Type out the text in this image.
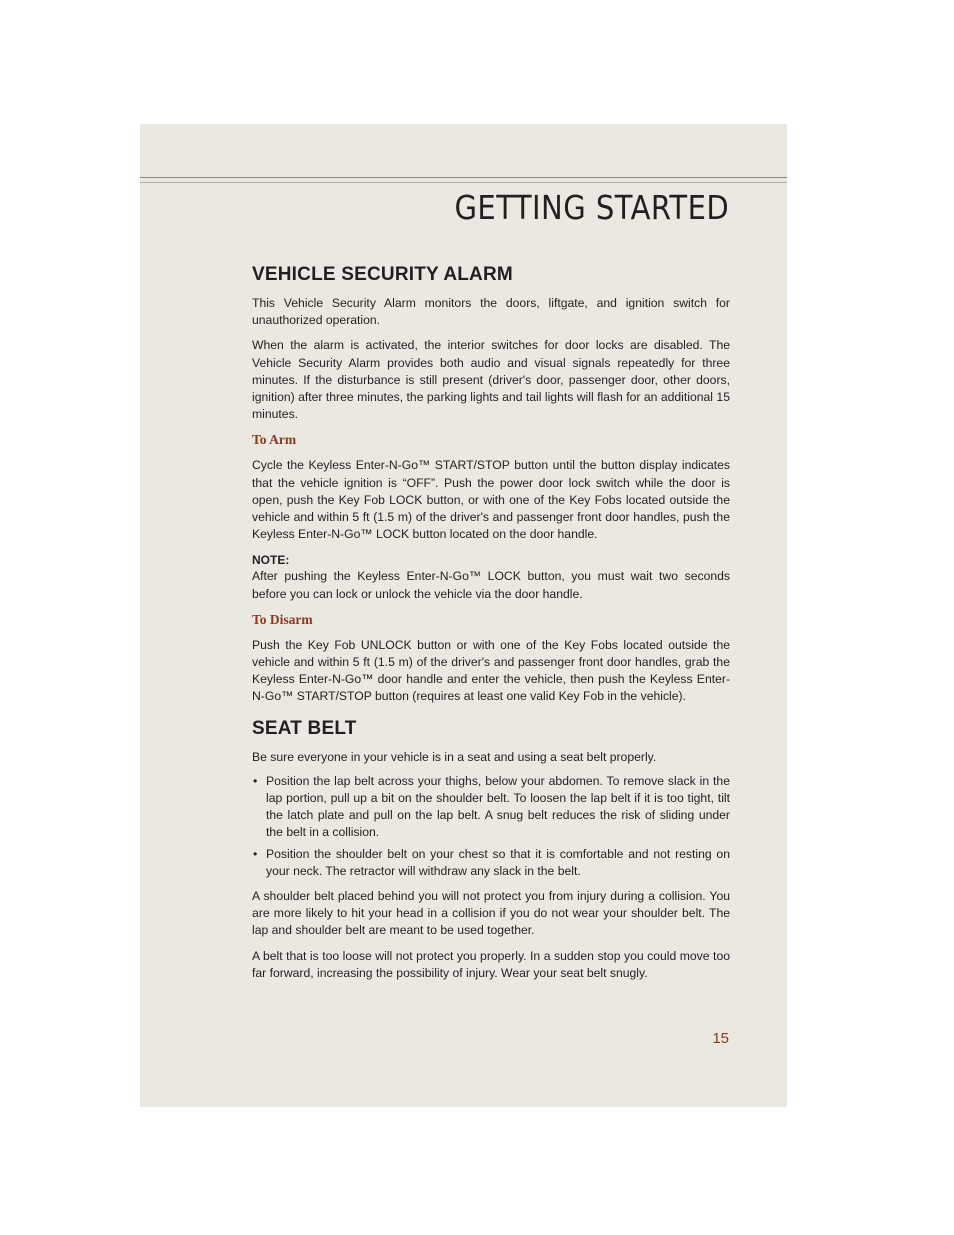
GETTING STARTED
VEHICLE SECURITY ALARM

This Vehicle Security Alarm monitors the doors, liftgate, and ignition switch for unauthorized operation.

When the alarm is activated, the interior switches for door locks are disabled. The Vehicle Security Alarm provides both audio and visual signals repeatedly for three minutes. If the disturbance is still present (driver's door, passenger door, other doors, ignition) after three minutes, the parking lights and tail lights will flash for an additional 15 minutes.

To Arm

Cycle the Keyless Enter-N-Go™ START/STOP button until the button display indicates that the vehicle ignition is “OFF”. Push the power door lock switch while the door is open, push the Key Fob LOCK button, or with one of the Key Fobs located outside the vehicle and within 5 ft (1.5 m) of the driver's and passenger front door handles, push the Keyless Enter-N-Go™ LOCK button located on the door handle.

NOTE:

After pushing the Keyless Enter-N-Go™ LOCK button, you must wait two seconds before you can lock or unlock the vehicle via the door handle.

To Disarm

Push the Key Fob UNLOCK button or with one of the Key Fobs located outside the vehicle and within 5 ft (1.5 m) of the driver's and passenger front door handles, grab the Keyless Enter-N-Go™ door handle and enter the vehicle, then push the Keyless Enter-N-Go™ START/STOP button (requires at least one valid Key Fob in the vehicle).

SEAT BELT

Be sure everyone in your vehicle is in a seat and using a seat belt properly.

• Position the lap belt across your thighs, below your abdomen. To remove slack in the lap portion, pull up a bit on the shoulder belt. To loosen the lap belt if it is too tight, tilt the latch plate and pull on the lap belt. A snug belt reduces the risk of sliding under the belt in a collision.
• Position the shoulder belt on your chest so that it is comfortable and not resting on your neck. The retractor will withdraw any slack in the belt.

A shoulder belt placed behind you will not protect you from injury during a collision. You are more likely to hit your head in a collision if you do not wear your shoulder belt. The lap and shoulder belt are meant to be used together.

A belt that is too loose will not protect you properly. In a sudden stop you could move too far forward, increasing the possibility of injury. Wear your seat belt snugly.

15
